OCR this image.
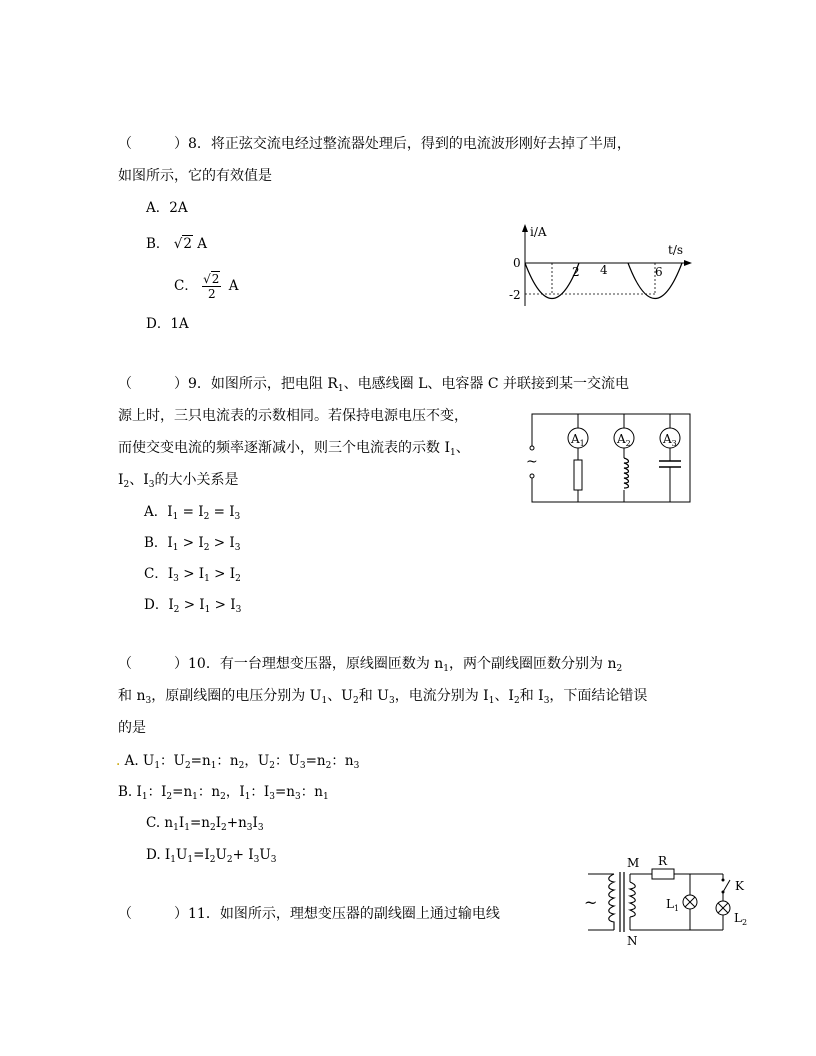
（　　　）8．将正弦交流电经过整流器处理后，得到的电流波形刚好去掉了半周，
如图所示，它的有效值是
A．2A
B． √2 A
C． $\frac{√2}{2}$ A
D．1A
i/A
t/s
0
-2
2 4	6
（　　　）9．如图所示，把电阻 $R_1$、电感线圈 L、电容器 C 并联接到某一交流电
源上时，三只电流表的示数相同。若保持电源电压不变，
而使交变电流的频率逐渐减小，则三个电流表的示数 $I_1$、
$I_2$、$I_3$的大小关系是
A．$I_1 = I_2 = I_3$
B．$I_1 > I_2 > I_3$
C．$I_3 > I_1 > I_2$
D．$I_2 > I_1 > I_3$
~
$A_1$	$A_2$	$A_3$
（　　　）10．有一台理想变压器，原线圈匝数为 $n_1$，两个副线圈匝数分别为 $n_2$
和 $n_3$，原副线圈的电压分别为 $U_1$、$U_2$和 $U_3$，电流分别为 $I_1$、$I_2$和 $I_3$，下面结论错误
的是
. A. $U_1$：$U_2=n_1$：$n_2$，$U_2$：$U_3=n_2$：$n_3$
B. $I_1$：$I_2=n_1$：$n_2$，$I_1$：$I_3=n_3$：$n_1$
C. $n_1I_1=n_2I_2+n_3I_3$
D. $I_1U_1=I_2U_2+ I_3U_3$
（　　　）11．如图所示，理想变压器的副线圈上通过输电线
~
M
N
R
$L_1$
K
$L_2$
